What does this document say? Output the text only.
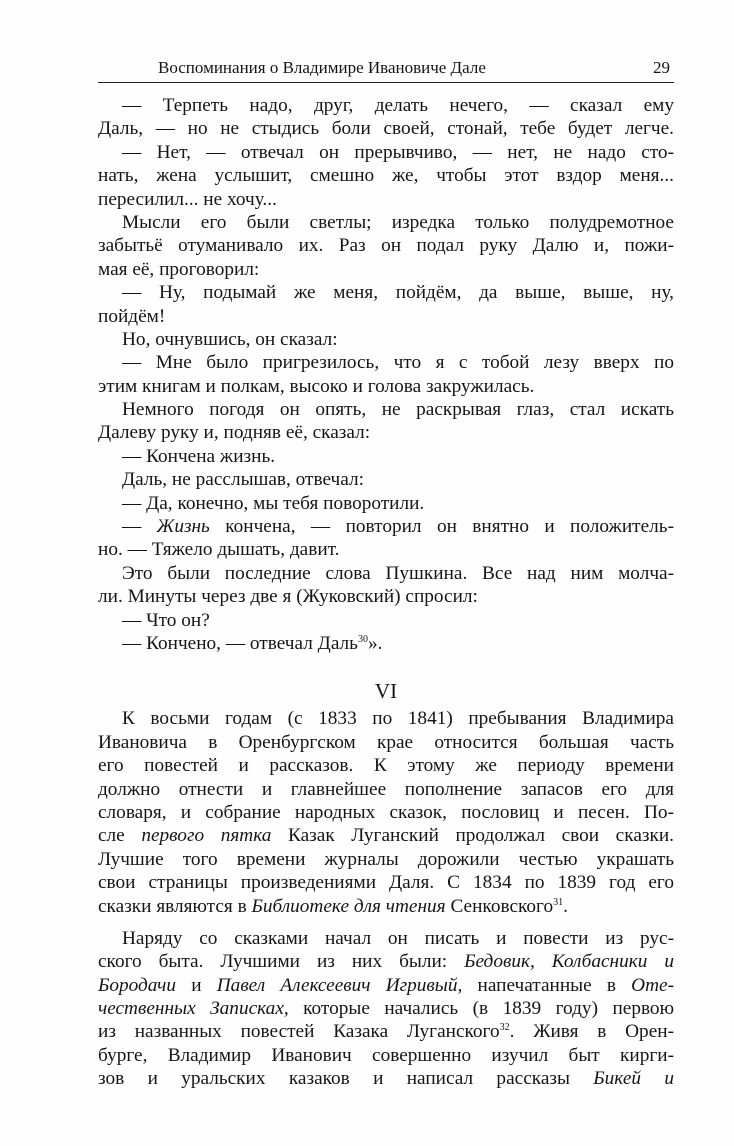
Воспоминания о Владимире Ивановиче Дале	29
— Терпеть надо, друг, делать нечего, — сказал ему
Даль, — но не стыдись боли своей, стонай, тебе будет легче.
— Нет, — отвечал он прерывчиво, — нет, не надо сто-
нать, жена услышит, смешно же, чтобы этот вздор меня...
пересилил... не хочу...
Мысли его были светлы; изредка только полудремотное
забытьё отуманивало их. Раз он подал руку Далю и, пожи-
мая её, проговорил:
— Ну, подымай же меня, пойдём, да выше, выше, ну,
пойдём!
Но, очнувшись, он сказал:
— Мне было пригрезилось, что я с тобой лезу вверх по
этим книгам и полкам, высоко и голова закружилась.
Немного погодя он опять, не раскрывая глаз, стал искать
Далеву руку и, подняв её, сказал:
— Кончена жизнь.
Даль, не расслышав, отвечал:
— Да, конечно, мы тебя поворотили.
— Жизнь кончена, — повторил он внятно и положитель-
но. — Тяжело дышать, давит.
Это были последние слова Пушкина. Все над ним молча-
ли. Минуты через две я (Жуковский) спросил:
— Что он?
— Кончено, — отвечал Даль$^{30}$».
VI
К восьми годам (с 1833 по 1841) пребывания Владимира
Ивановича в Оренбургском крае относится большая часть
его повестей и рассказов. К этому же периоду времени
должно отнести и главнейшее пополнение запасов его для
словаря, и собрание народных сказок, пословиц и песен. По-
сле первого пятка Казак Луганский продолжал свои сказки.
Лучшие того времени журналы дорожили честью украшать
свои страницы произведениями Даля. С 1834 по 1839 год его
сказки являются в Библиотеке для чтения Сенковского$^{31}$.
Наряду со сказками начал он писать и повести из рус-
ского быта. Лучшими из них были: Бедовик, Колбасники и
Бородачи и Павел Алексеевич Игривый, напечатанные в Оте-
чественных Записках, которые начались (в 1839 году) первою
из названных повестей Казака Луганского$^{32}$. Живя в Орен-
бурге, Владимир Иванович совершенно изучил быт кирги-
зов и уральских казаков и написал рассказы Бикей и
